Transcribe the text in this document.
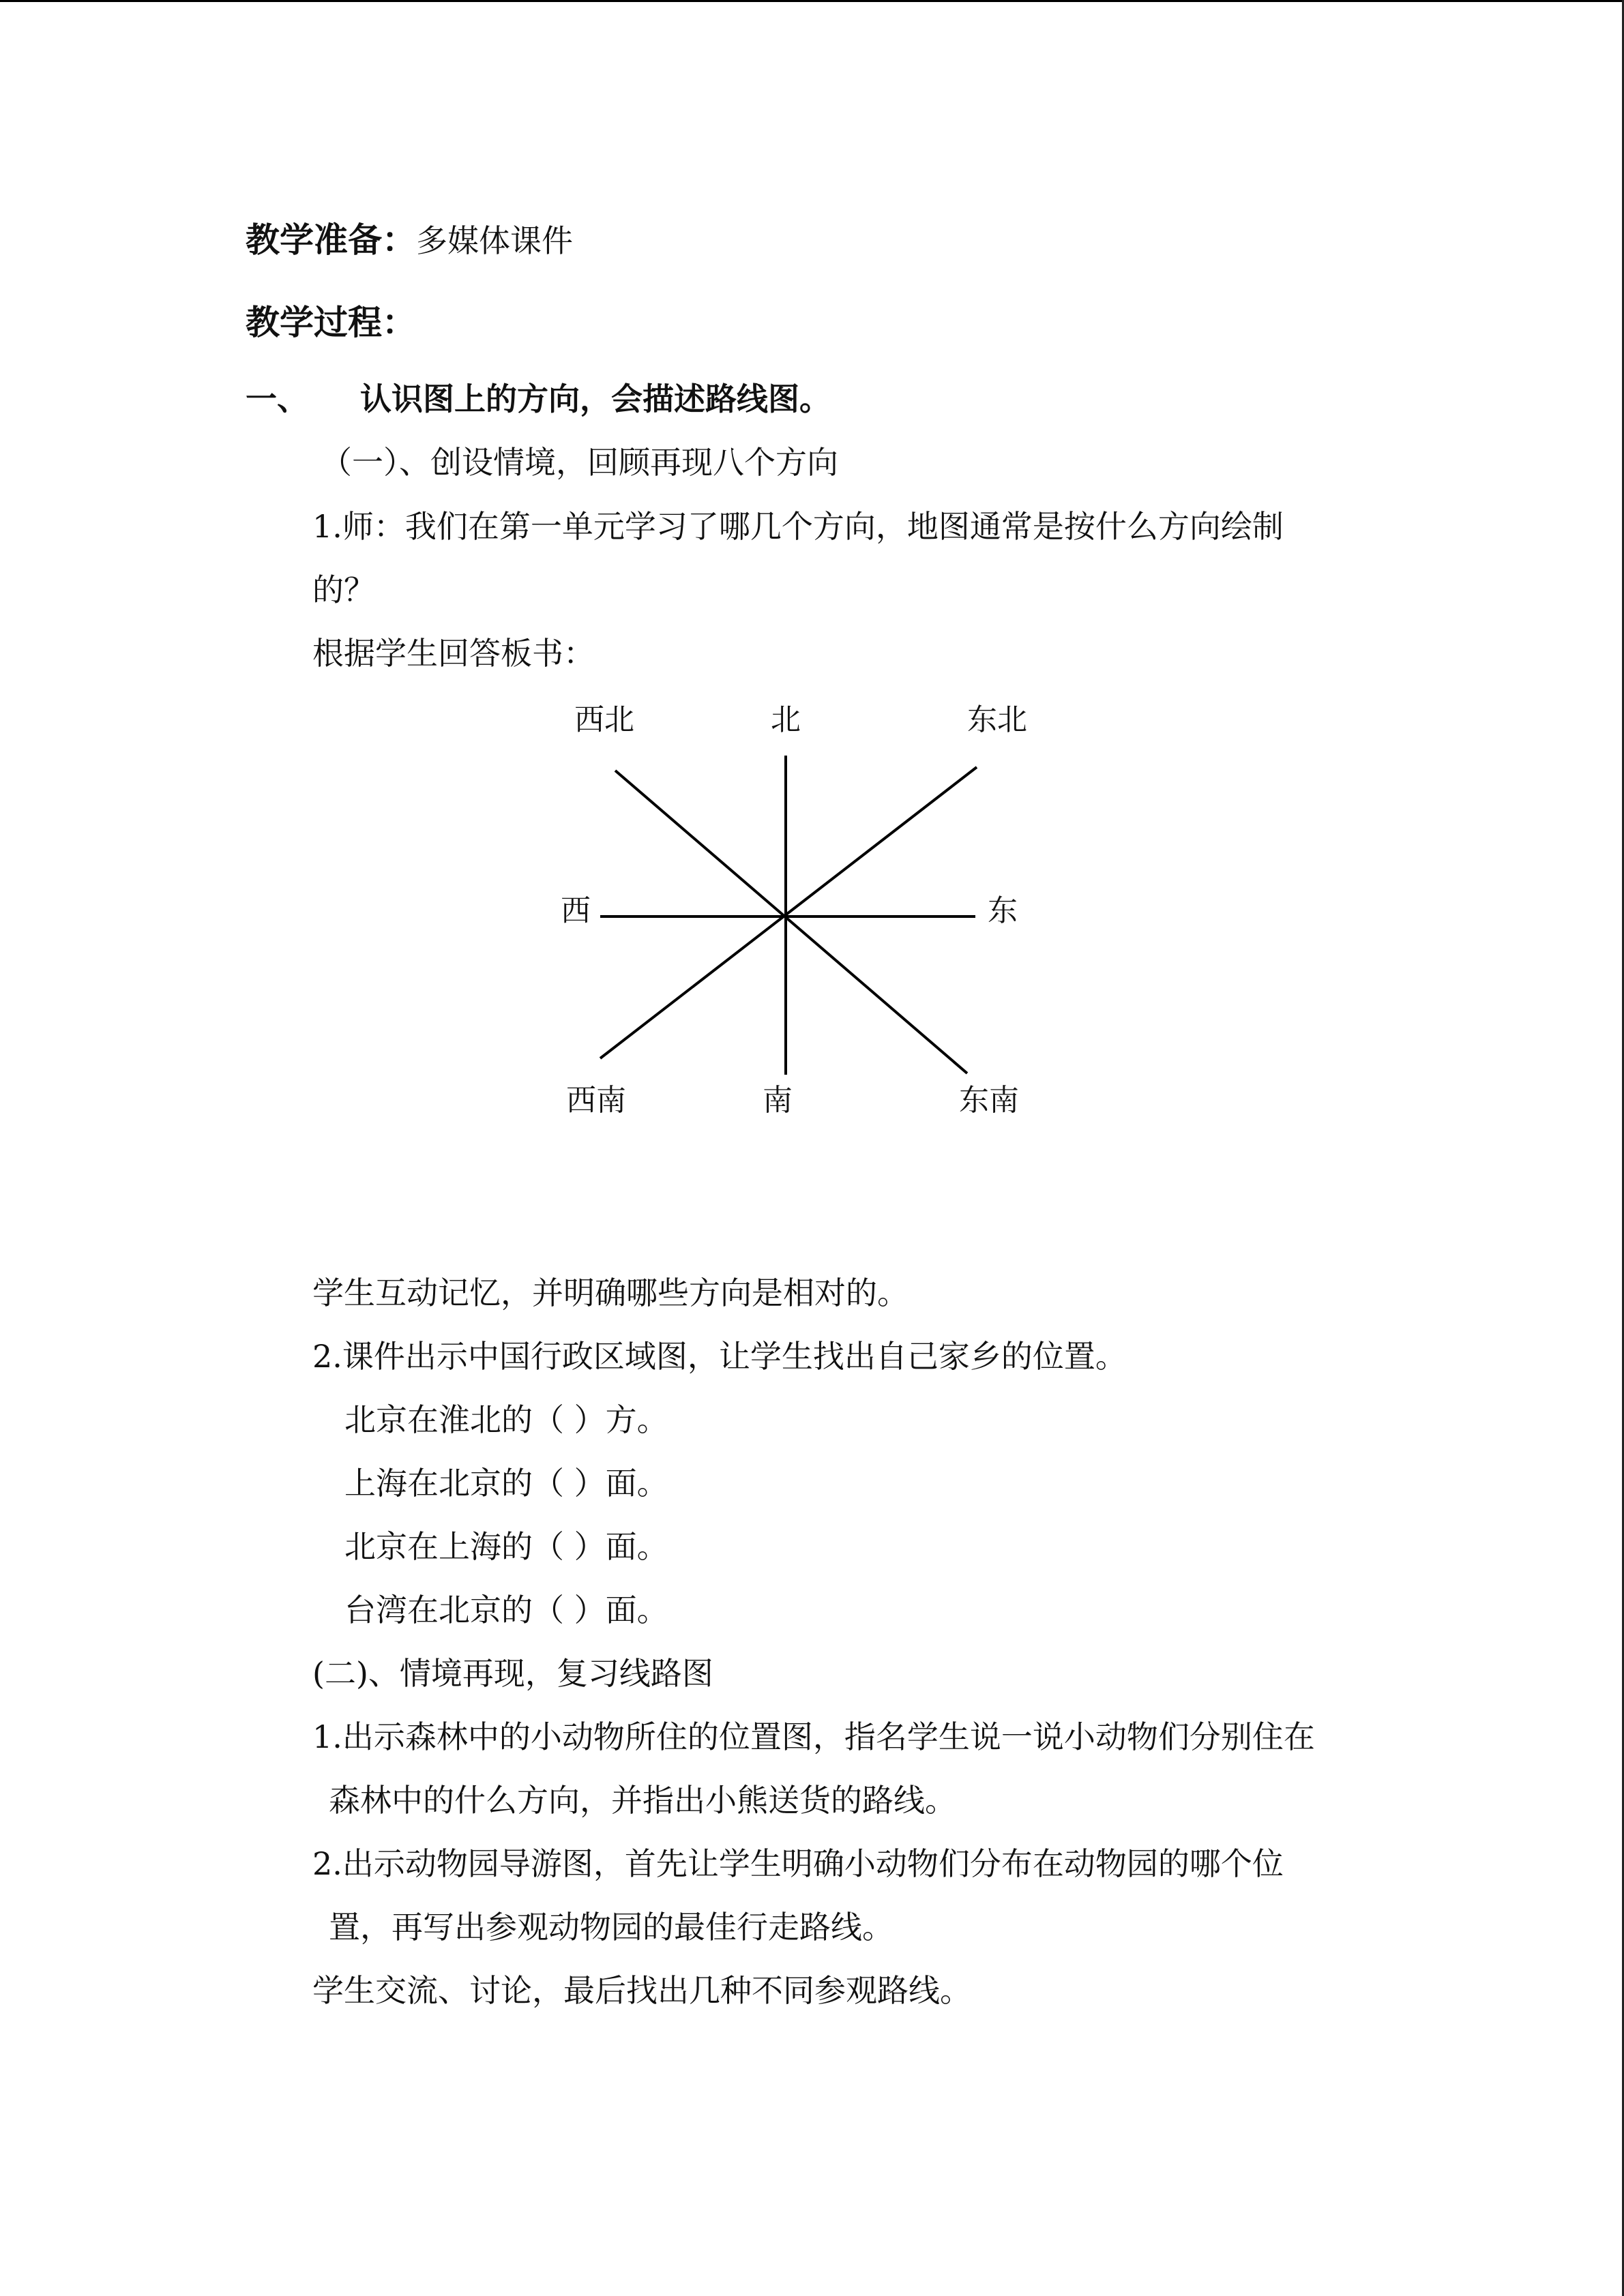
教学准备：多媒体课件
教学过程：
一、 认识图上的方向，会描述路线图。
（一）、创设情境，回顾再现八个方向
1.师：我们在第一单元学习了哪几个方向，地图通常是按什么方向绘制
的？
根据学生回答板书：
西北	北	东北
西	东
西南	南	东南
学生互动记忆，并明确哪些方向是相对的。
2.课件出示中国行政区域图，让学生找出自己家乡的位置。
北京在淮北的（ ）方。
上海在北京的（ ）面。
北京在上海的（ ）面。
台湾在北京的（ ）面。
(二)、情境再现，复习线路图
1.出示森林中的小动物所住的位置图，指名学生说一说小动物们分别住在
森林中的什么方向，并指出小熊送货的路线。
2.出示动物园导游图，首先让学生明确小动物们分布在动物园的哪个位
置，再写出参观动物园的最佳行走路线。
学生交流、讨论，最后找出几种不同参观路线。
